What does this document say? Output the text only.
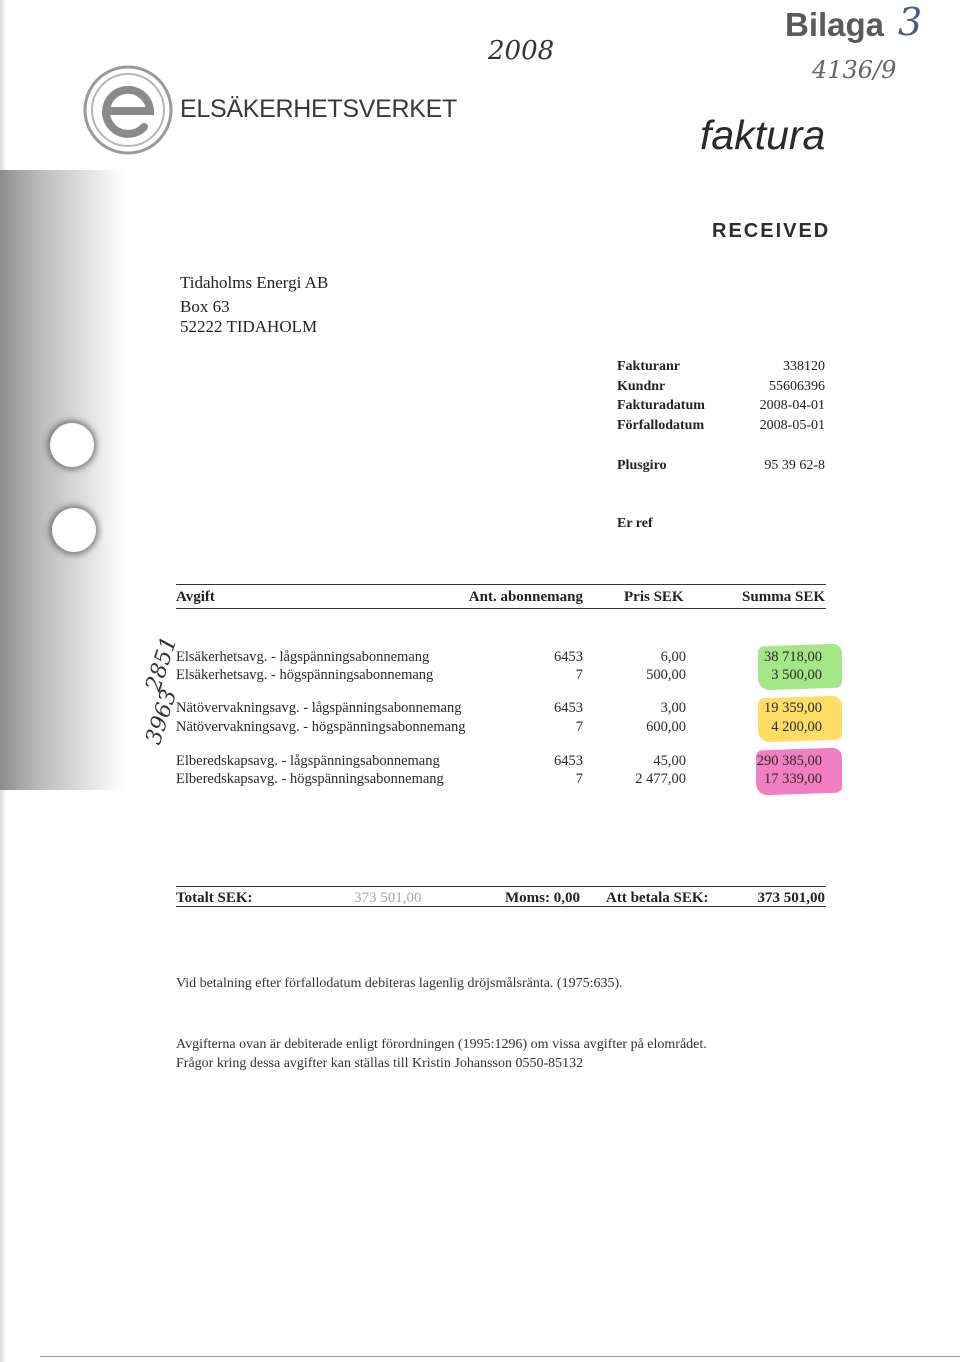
2008
Bilaga 3
4136/9
ELSÄKERHETSVERKET
faktura
RECEIVED
Tidaholms Energi AB
Box 63
52222 TIDAHOLM
Fakturanr	338120
Kundnr	55606396
Fakturadatum	2008-04-01
Förfallodatum	2008-05-01
Plusgiro	95 39 62-8
Er ref
Avgift	Ant. abonnemang	Pris SEK	Summa SEK
2851
3963
Elsäkerhetsavg. - lågspänningsabonnemang	6453	6,00	38 718,00
Elsäkerhetsavg. - högspänningsabonnemang	7	500,00	3 500,00
Nätövervakningsavg. - lågspänningsabonnemang	6453	3,00	19 359,00
Nätövervakningsavg. - högspänningsabonnemang	7	600,00	4 200,00
Elberedskapsavg. - lågspänningsabonnemang	6453	45,00	290 385,00
Elberedskapsavg. - högspänningsabonnemang	7	2 477,00	17 339,00
Totalt SEK:	373 501,00	Moms: 0,00 Att betala SEK:	373 501,00
Vid betalning efter förfallodatum debiteras lagenlig dröjsmålsränta. (1975:635).
Avgifterna ovan är debiterade enligt förordningen (1995:1296) om vissa avgifter på elområdet.
Frågor kring dessa avgifter kan ställas till Kristin Johansson 0550-85132
